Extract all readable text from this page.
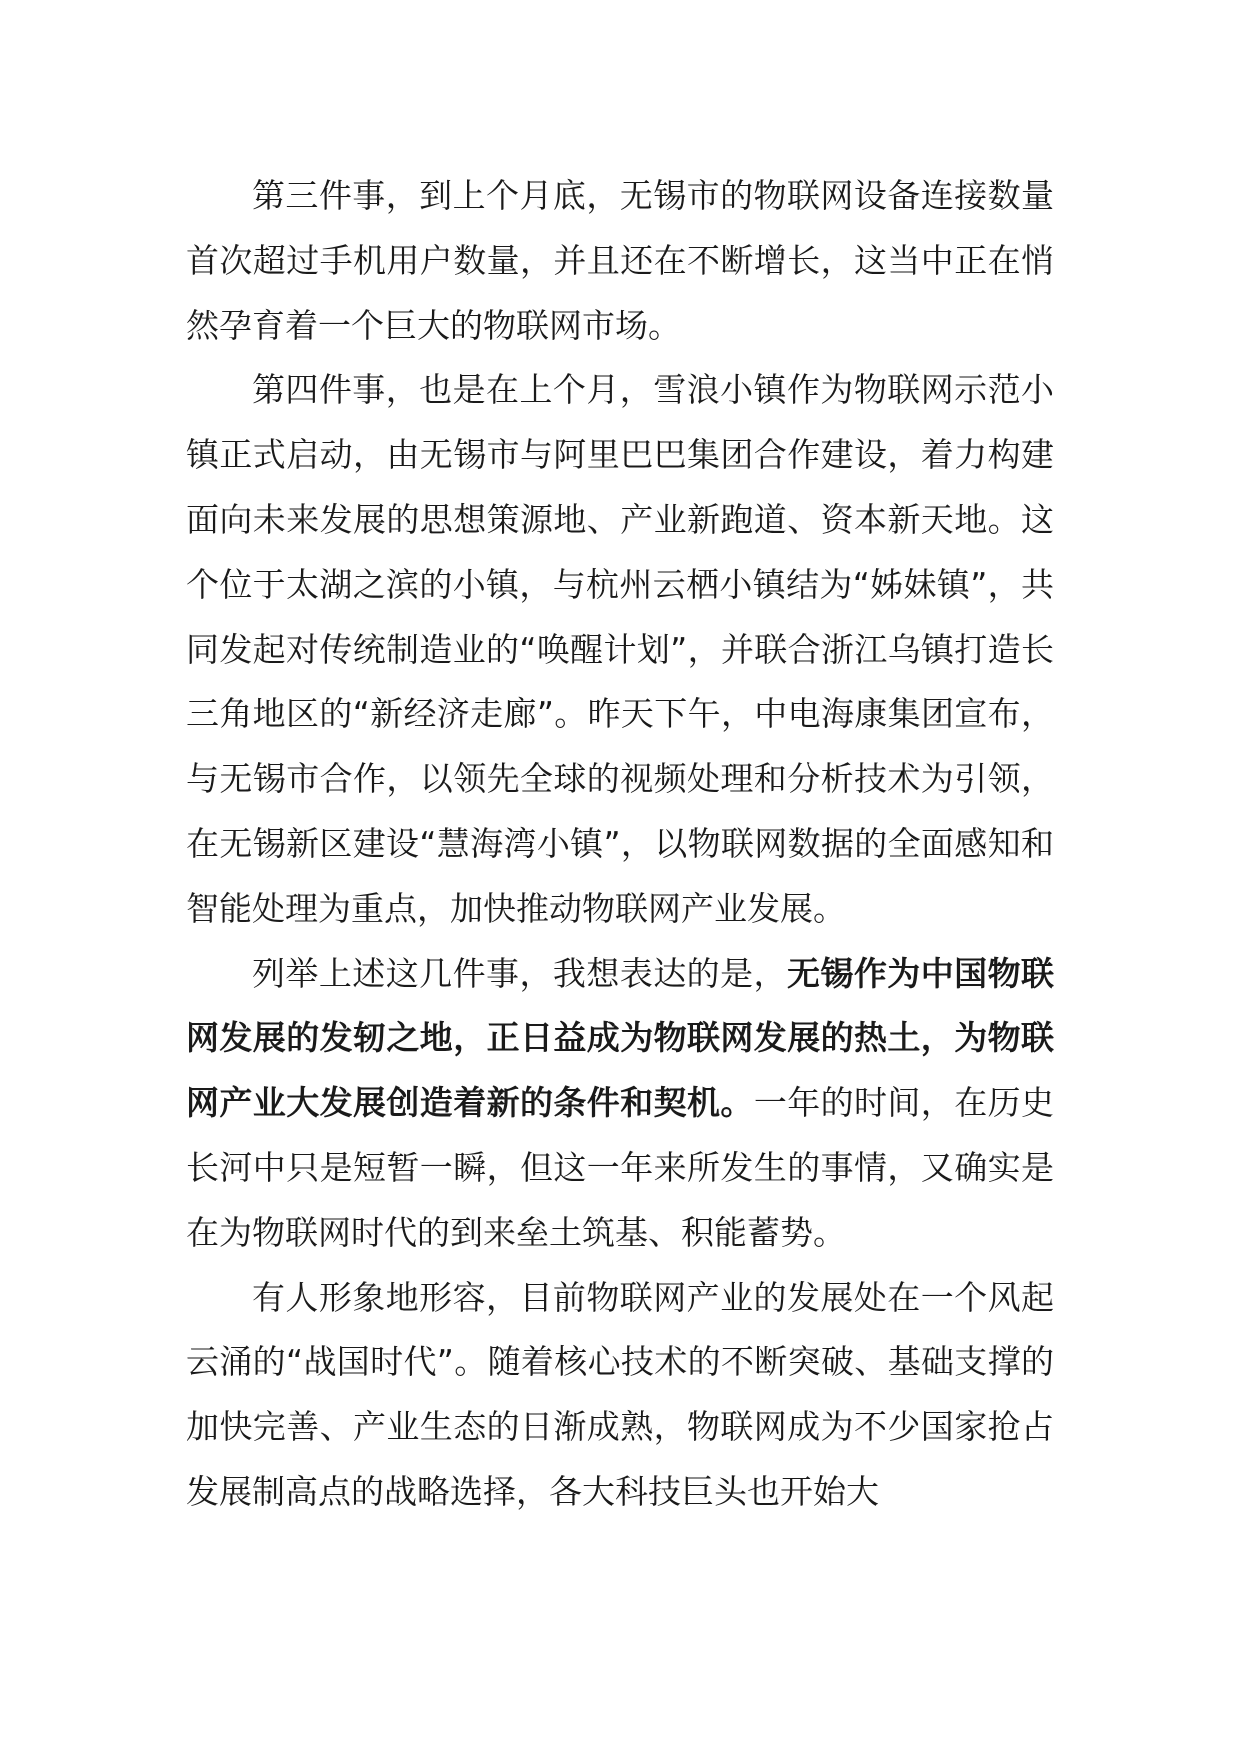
第三件事，到上个月底，无锡市的物联网设备连接数量首次超过手机用户数量，并且还在不断增长，这当中正在悄然孕育着一个巨大的物联网市场。

第四件事，也是在上个月，雪浪小镇作为物联网示范小镇正式启动，由无锡市与阿里巴巴集团合作建设，着力构建面向未来发展的思想策源地、产业新跑道、资本新天地。这个位于太湖之滨的小镇，与杭州云栖小镇结为“姊妹镇”，共同发起对传统制造业的“唤醒计划”，并联合浙江乌镇打造长三角地区的“新经济走廊”。昨天下午，中电海康集团宣布，与无锡市合作，以领先全球的视频处理和分析技术为引领，在无锡新区建设“慧海湾小镇”，以物联网数据的全面感知和智能处理为重点，加快推动物联网产业发展。

列举上述这几件事，我想表达的是，无锡作为中国物联网发展的发轫之地，正日益成为物联网发展的热土，为物联网产业大发展创造着新的条件和契机。一年的时间，在历史长河中只是短暂一瞬，但这一年来所发生的事情，又确实是在为物联网时代的到来垒土筑基、积能蓄势。

有人形象地形容，目前物联网产业的发展处在一个风起云涌的“战国时代”。随着核心技术的不断突破、基础支撑的加快完善、产业生态的日渐成熟，物联网成为不少国家抢占发展制高点的战略选择，各大科技巨头也开始大
